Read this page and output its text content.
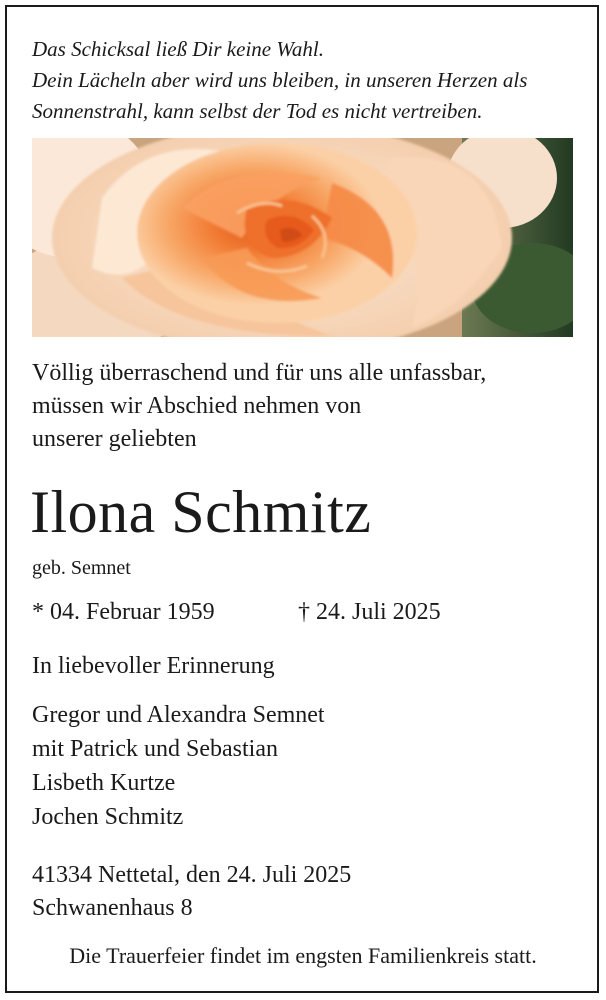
Das Schicksal ließ Dir keine Wahl.
Dein Lächeln aber wird uns bleiben, in unseren Herzen als
Sonnenstrahl, kann selbst der Tod es nicht vertreiben.

Völlig überraschend und für uns alle unfassbar,
müssen wir Abschied nehmen von
unserer geliebten

Ilona Schmitz

geb. Semnet

* 04. Februar 1959	† 24. Juli 2025

In liebevoller Erinnerung

Gregor und Alexandra Semnet
mit Patrick und Sebastian
Lisbeth Kurtze
Jochen Schmitz

41334 Nettetal, den 24. Juli 2025
Schwanenhaus 8

Die Trauerfeier findet im engsten Familienkreis statt.
